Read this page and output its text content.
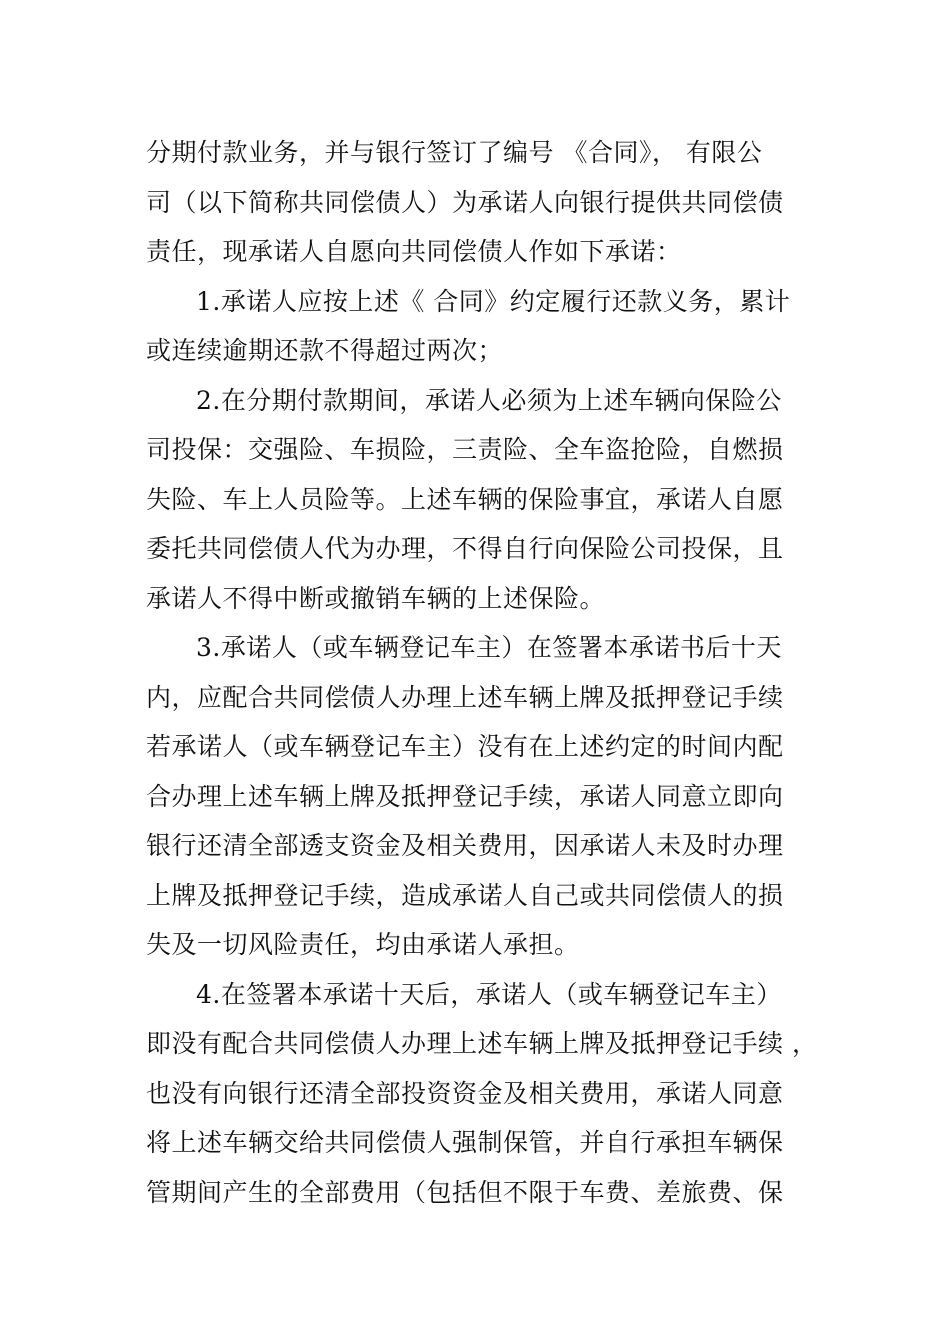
分期付款业务，并与银行签订了编号 《合同》， 有限公
司（以下简称共同偿债人）为承诺人向银行提供共同偿债
责任，现承诺人自愿向共同偿债人作如下承诺：
1.承诺人应按上述《 合同》约定履行还款义务，累计
或连续逾期还款不得超过两次；
2.在分期付款期间，承诺人必须为上述车辆向保险公
司投保：交强险、车损险，三责险、全车盗抢险，自燃损
失险、车上人员险等。上述车辆的保险事宜，承诺人自愿
委托共同偿债人代为办理，不得自行向保险公司投保，且
承诺人不得中断或撤销车辆的上述保险。
3.承诺人（或车辆登记车主）在签署本承诺书后十天
内，应配合共同偿债人办理上述车辆上牌及抵押登记手续
若承诺人（或车辆登记车主）没有在上述约定的时间内配
合办理上述车辆上牌及抵押登记手续，承诺人同意立即向
银行还清全部透支资金及相关费用，因承诺人未及时办理
上牌及抵押登记手续，造成承诺人自己或共同偿债人的损
失及一切风险责任，均由承诺人承担。
4.在签署本承诺十天后，承诺人（或车辆登记车主）
即没有配合共同偿债人办理上述车辆上牌及抵押登记手续 ，
也没有向银行还清全部投资资金及相关费用，承诺人同意
将上述车辆交给共同偿债人强制保管，并自行承担车辆保
管期间产生的全部费用（包括但不限于车费、差旅费、保
